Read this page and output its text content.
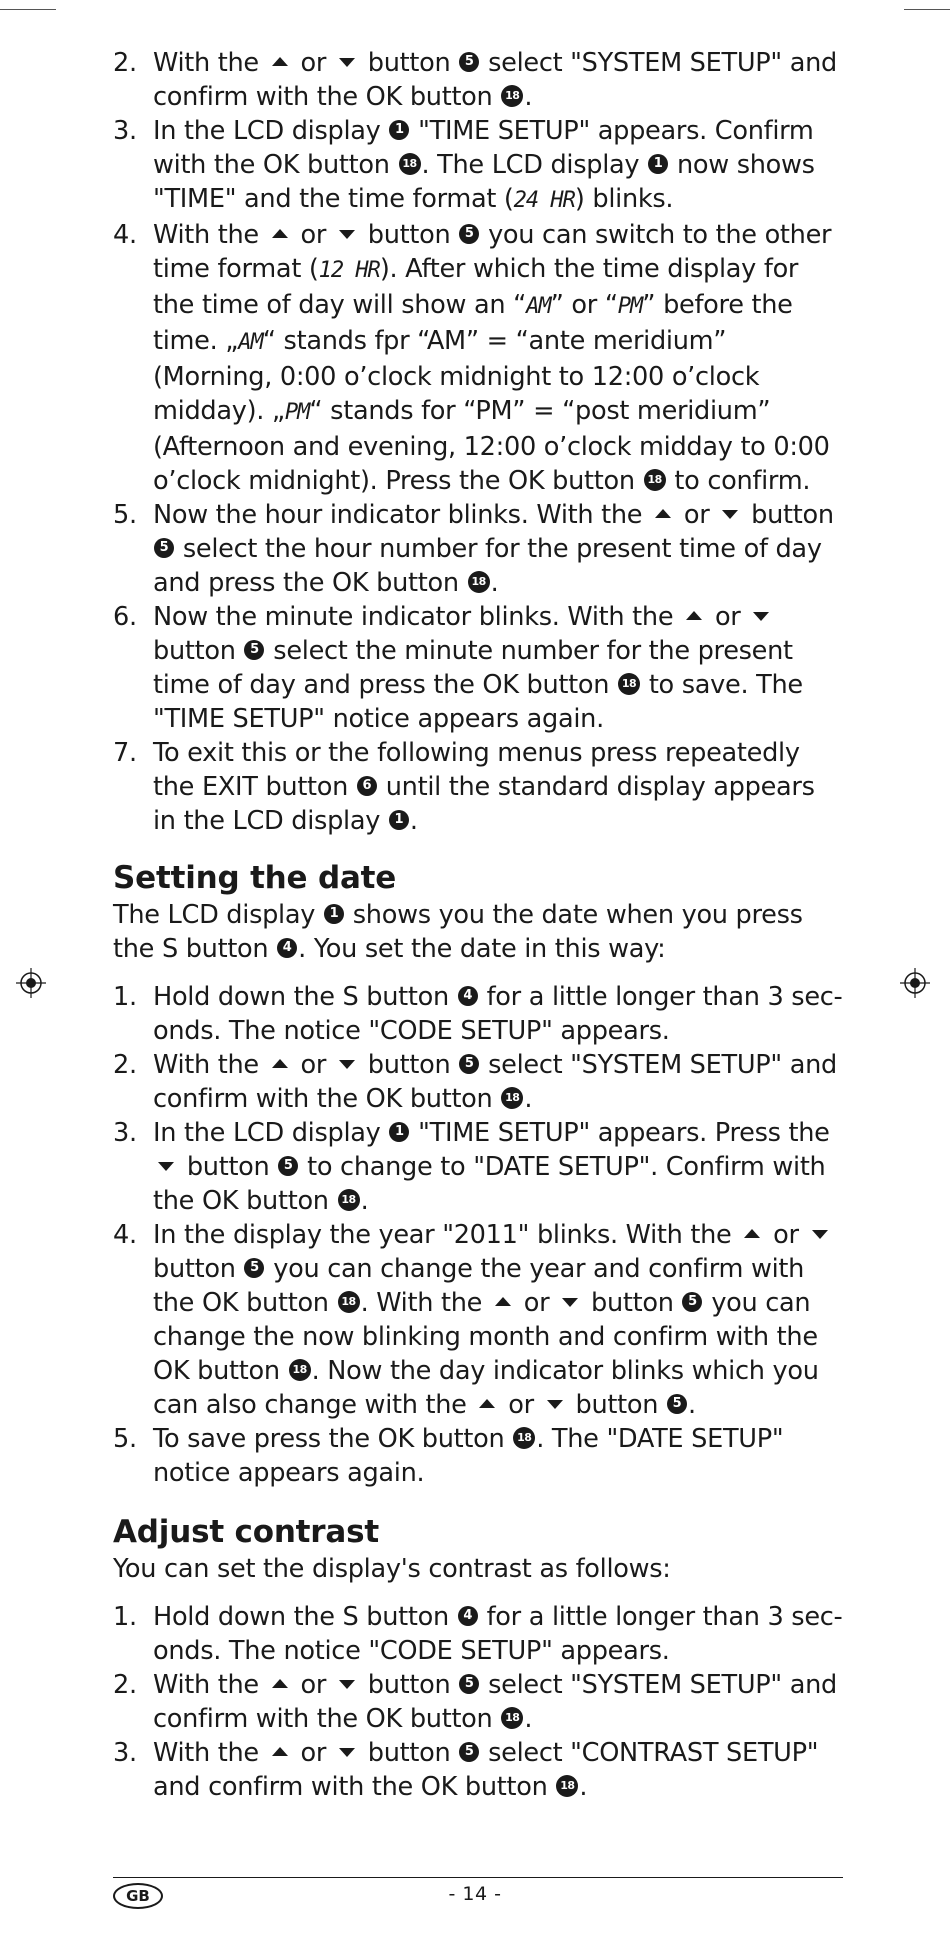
2. With the  or  button 5 select "SYSTEM SETUP" and confirm with the OK button 18 .
3. In the LCD display 1 "TIME SETUP" appears. Confirm with the OK button 18 . The LCD display 1 now shows "TIME" and the time format (24 HR) blinks.
4. With the  or  button 5 you can switch to the other time format (12 HR). After which the time display for the time of day will show an “AM” or “PM” before the time. „AM“ stands fpr “AM” = “ante meridium” (Morning, 0:00 o’clock midnight to 12:00 o’clock midday). „PM“ stands for “PM” = “post meridium” (Afternoon and evening, 12:00 o’clock midday to 0:00 o’clock midnight). Press the OK button 18 to confirm.
5. Now the hour indicator blinks. With the  or  button 5 select the hour number for the present time of day and press the OK button 18 .
6. Now the minute indicator blinks. With the  or  button 5 select the minute number for the present time of day and press the OK button 18 to save. The "TIME SETUP" notice appears again.
7. To exit this or the following menus press repeatedly the EXIT button 6 until the standard display appears in the LCD display 1 .
Setting the date

The LCD display 1 shows you the date when you press the S button 4 . You set the date in this way:

1. Hold down the S button 4 for a little longer than 3 sec-onds. The notice "CODE SETUP" appears.
2. With the  or  button 5 select "SYSTEM SETUP" and confirm with the OK button 18 .
3. In the LCD display 1 "TIME SETUP" appears. Press the  button 5 to change to "DATE SETUP". Confirm with the OK button 18 .
4. In the display the year "2011" blinks. With the  or  button 5 you can change the year and confirm with the OK button 18 . With the  or  button 5 you can change the now blinking month and confirm with the OK button 18 . Now the day indicator blinks which you can also change with the  or  button 5 .
5. To save press the OK button 18 . The "DATE SETUP" notice appears again.
Adjust contrast

You can set the display's contrast as follows:

1. Hold down the S button 4 for a little longer than 3 sec-onds. The notice "CODE SETUP" appears.
2. With the  or  button 5 select "SYSTEM SETUP" and confirm with the OK button 18 .
3. With the  or  button 5 select "CONTRAST SETUP" and confirm with the OK button 18 .
GB	- 14 -
